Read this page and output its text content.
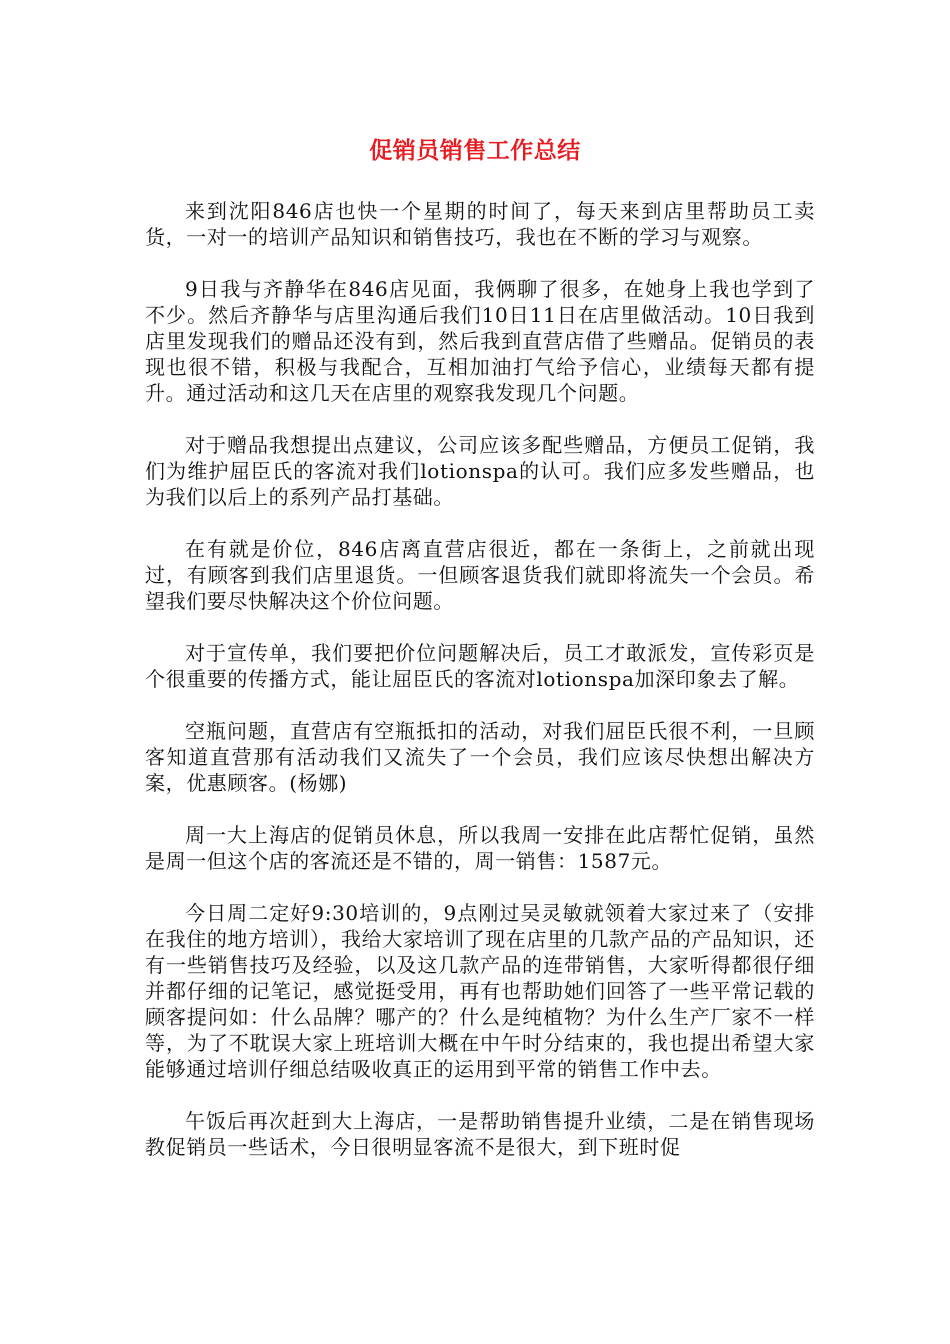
促销员销售工作总结

来到沈阳846店也快一个星期的时间了，每天来到店里帮助员工卖货，一对一的培训产品知识和销售技巧，我也在不断的学习与观察。

9日我与齐静华在846店见面，我俩聊了很多，在她身上我也学到了不少。然后齐静华与店里沟通后我们10日11日在店里做活动。10日我到店里发现我们的赠品还没有到，然后我到直营店借了些赠品。促销员的表现也很不错，积极与我配合，互相加油打气给予信心，业绩每天都有提升。通过活动和这几天在店里的观察我发现几个问题。

对于赠品我想提出点建议，公司应该多配些赠品，方便员工促销，我们为维护屈臣氏的客流对我们lotionspa的认可。我们应多发些赠品，也为我们以后上的系列产品打基础。

在有就是价位，846店离直营店很近，都在一条街上，之前就出现过，有顾客到我们店里退货。一但顾客退货我们就即将流失一个会员。希望我们要尽快解决这个价位问题。

对于宣传单，我们要把价位问题解决后，员工才敢派发，宣传彩页是个很重要的传播方式，能让屈臣氏的客流对lotionspa加深印象去了解。

空瓶问题，直营店有空瓶抵扣的活动，对我们屈臣氏很不利，一旦顾客知道直营那有活动我们又流失了一个会员，我们应该尽快想出解决方案，优惠顾客。(杨娜)

周一大上海店的促销员休息，所以我周一安排在此店帮忙促销，虽然是周一但这个店的客流还是不错的，周一销售：1587元。

今日周二定好9:30培训的，9点刚过吴灵敏就领着大家过来了（安排在我住的地方培训），我给大家培训了现在店里的几款产品的产品知识，还有一些销售技巧及经验，以及这几款产品的连带销售，大家听得都很仔细并都仔细的记笔记，感觉挺受用，再有也帮助她们回答了一些平常记载的顾客提问如：什么品牌？哪产的？什么是纯植物？为什么生产厂家不一样等，为了不耽误大家上班培训大概在中午时分结束的，我也提出希望大家能够通过培训仔细总结吸收真正的运用到平常的销售工作中去。

午饭后再次赶到大上海店，一是帮助销售提升业绩，二是在销售现场教促销员一些话术，今日很明显客流不是很大，到下班时促
